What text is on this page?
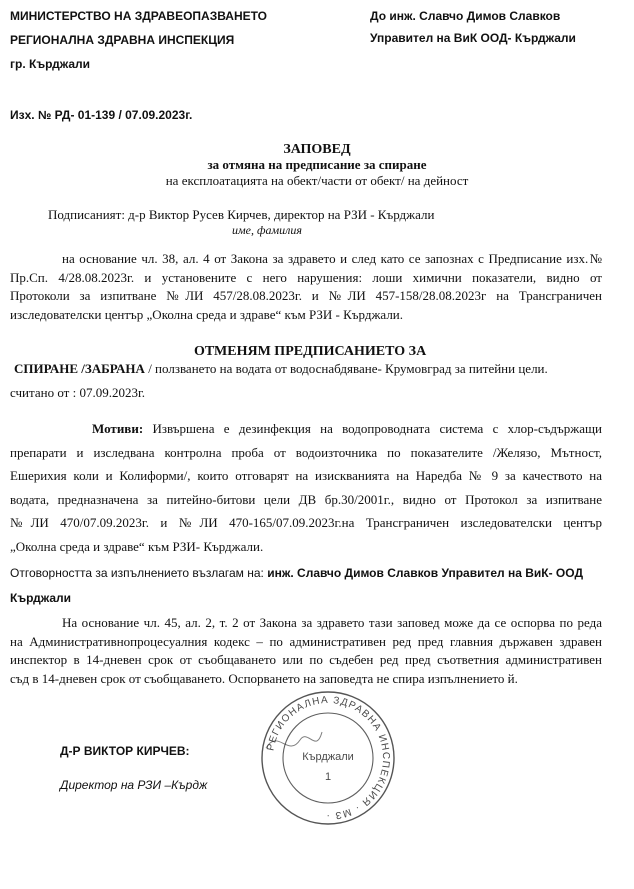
МИНИСТЕРСТВО НА ЗДРАВЕОПАЗВАНЕТО
РЕГИОНАЛНА ЗДРАВНА ИНСПЕКЦИЯ
гр. Кърджали
До инж. Славчо Димов Славков
Управител на ВиК ООД- Кърджали
Изх. № РД- 01-139 / 07.09.2023г.
ЗАПОВЕД
за отмяна на предписание за спиране
на експлоатацията на обект/части от обект/ на дейност
Подписаният: д-р Виктор Русев Кирчев, директор на РЗИ - Кърджали
име, фамилия

на основание чл. 38, ал. 4 от Закона за здравето и след като се запознах с Предписание изх.№

Пр.Сп. 4/28.08.2023г. и установените с него нарушения: лоши химични показатели, видно от

Протоколи за изпитване №ЛИ 457/28.08.2023г. и №ЛИ 457-158/28.08.2023г на Трансграничен

изследователски център „Околна среда и здраве“ към РЗИ - Кърджали.

ОТМЕНЯМ ПРЕДПИСАНИЕТО ЗА
СПИРАНЕ /ЗАБРАНА / ползването на водата от водоснабдяване- Крумовград за питейни цели.
считано от : 07.09.2023г.

Мотиви: Извършена е дезинфекция на водопроводната система с хлор-съдържащи

препарати и изследвана контролна проба от водоизточника по показателите /Желязо, Мътност,

Ешерихия коли и Колиформи/, които отговарят на изискванията на Наредба № 9 за качеството на

водата, предназначена за питейно-битови цели ДВ бр.30/2001г., видно от Протокол за изпитване

№ЛИ 470/07.09.2023г. и №ЛИ 470-165/07.09.2023г.на Трансграничен изследователски център

„Околна среда и здраве“ към РЗИ- Кърджали.

Отговорността за изпълнението възлагам на: инж. Славчо Димов Славков Управител на ВиК- ООД
Кърджали

На основание чл. 45, ал. 2, т. 2 от Закона за здравето тази заповед може да се оспорва по реда

на Административнопроцесуалния кодекс – по административен ред пред главния държавен здравен

инспектор в 14-дневен срок от съобщаването или по съдебен ред пред съответния административен

съд в 14-дневен срок от съобщаването. Оспорването на заповедта не спира изпълнението й.

Д-Р ВИКТОР КИРЧЕВ:
Директор на РЗИ –Кърдж
РЕГИОНАЛНА ЗДРАВНА ИНСПЕКЦИЯ · МЗ ·
Кърджали
1
